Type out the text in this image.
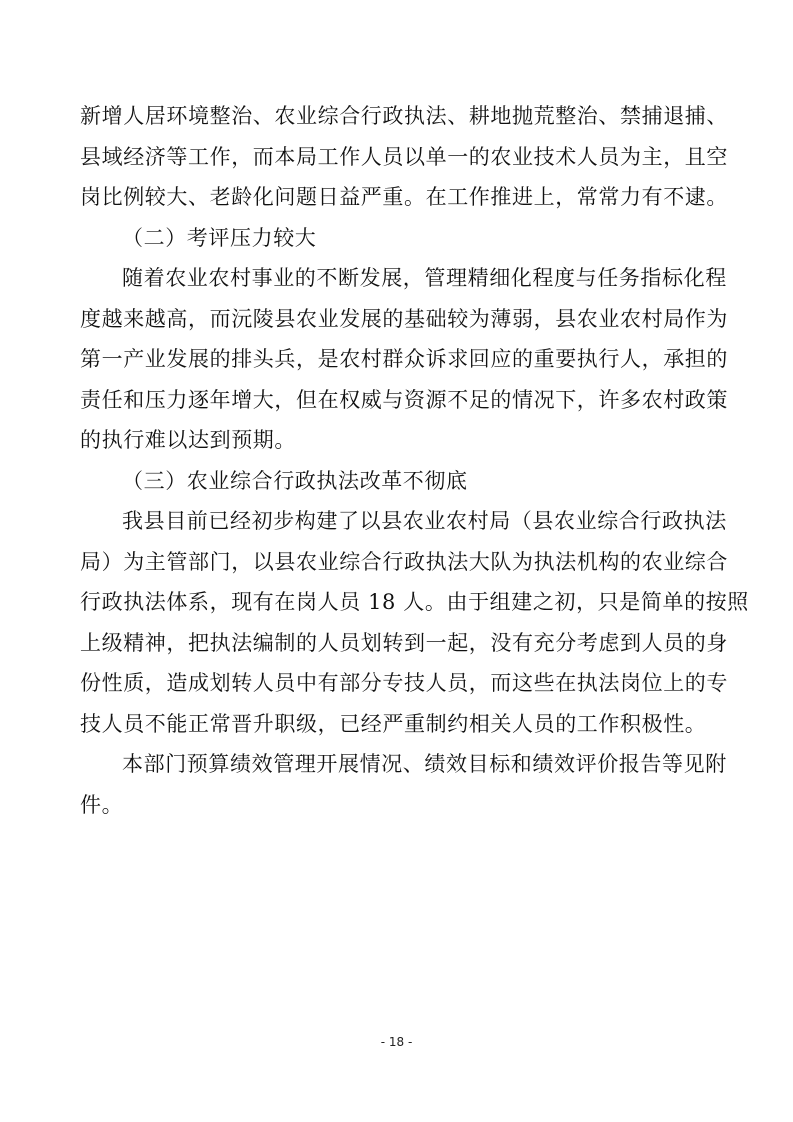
新增人居环境整治、农业综合行政执法、耕地抛荒整治、禁捕退捕、
县域经济等工作，而本局工作人员以单一的农业技术人员为主，且空
岗比例较大、老龄化问题日益严重。在工作推进上，常常力有不逮。
（二）考评压力较大
随着农业农村事业的不断发展，管理精细化程度与任务指标化程
度越来越高，而沅陵县农业发展的基础较为薄弱，县农业农村局作为
第一产业发展的排头兵，是农村群众诉求回应的重要执行人，承担的
责任和压力逐年增大，但在权威与资源不足的情况下，许多农村政策
的执行难以达到预期。
（三）农业综合行政执法改革不彻底
我县目前已经初步构建了以县农业农村局（县农业综合行政执法
局）为主管部门，以县农业综合行政执法大队为执法机构的农业综合
行政执法体系，现有在岗人员 18 人。由于组建之初，只是简单的按照
上级精神，把执法编制的人员划转到一起，没有充分考虑到人员的身
份性质，造成划转人员中有部分专技人员，而这些在执法岗位上的专
技人员不能正常晋升职级，已经严重制约相关人员的工作积极性。
本部门预算绩效管理开展情况、绩效目标和绩效评价报告等见附
件。
- 18 -
